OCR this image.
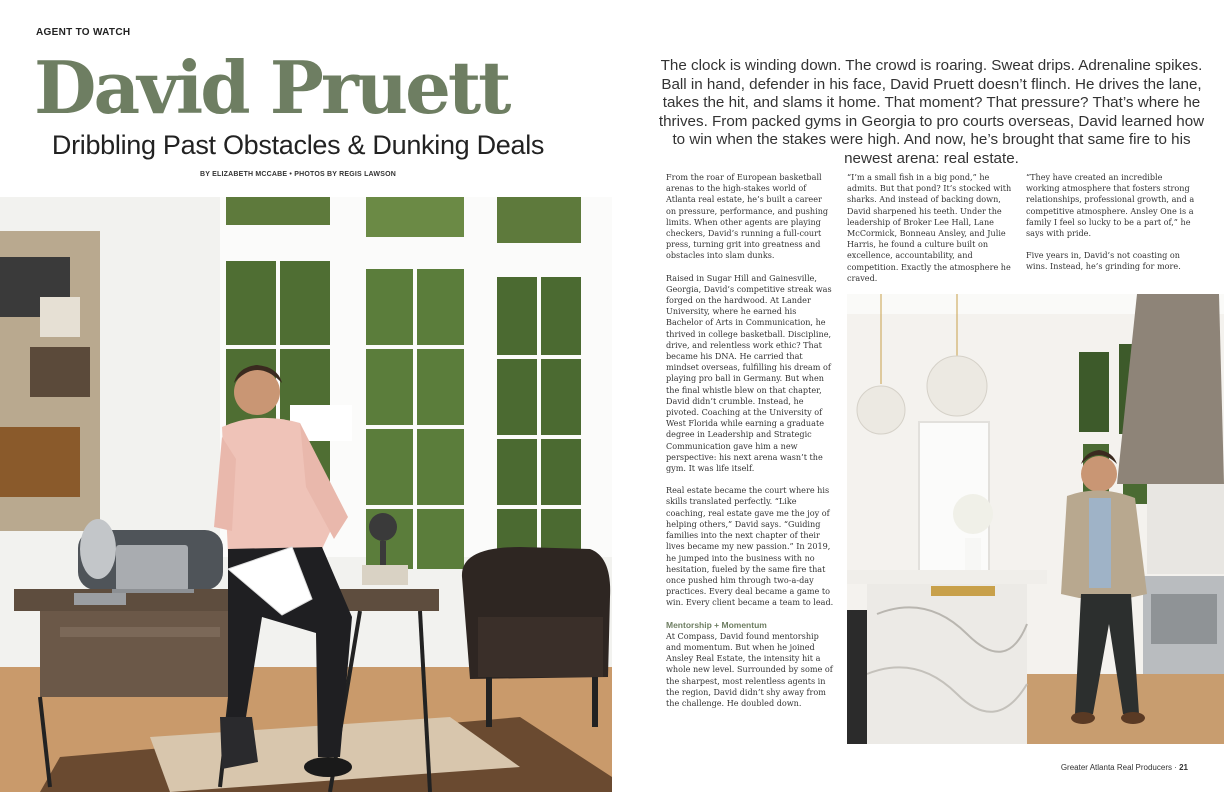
AGENT TO WATCH
David Pruett
Dribbling Past Obstacles & Dunking Deals
BY ELIZABETH MCCABE • PHOTOS BY REGIS LAWSON
The clock is winding down. The crowd is roaring. Sweat drips. Adrenaline spikes. Ball in hand, defender in his face, David Pruett doesn’t flinch. He drives the lane, takes the hit, and slams it home. That moment? That pressure? That’s where he thrives. From packed gyms in Georgia to pro courts overseas, David learned how to win when the stakes were high. And now, he’s brought that same fire to his newest arena: real estate.

From the roar of European basketball arenas to the high-stakes world of Atlanta real estate, he’s built a career on pressure, performance, and pushing limits. When other agents are playing checkers, David’s running a full-court press, turning grit into greatness and obstacles into slam dunks.

Raised in Sugar Hill and Gainesville, Georgia, David’s competitive streak was forged on the hardwood. At Lander University, where he earned his Bachelor of Arts in Communication, he thrived in college basketball. Discipline, drive, and relentless work ethic? That became his DNA. He carried that mindset overseas, fulfilling his dream of playing pro ball in Germany. But when the final whistle blew on that chapter, David didn’t crumble. Instead, he pivoted. Coaching at the University of West Florida while earning a graduate degree in Leadership and Strategic Communication gave him a new perspective: his next arena wasn’t the gym. It was life itself.

Real estate became the court where his skills translated perfectly. “Like coaching, real estate gave me the joy of helping others,” David says. “Guiding families into the next chapter of their lives became my new passion.” In 2019, he jumped into the business with no hesitation, fueled by the same fire that once pushed him through two-a-day practices. Every deal became a game to win. Every client became a team to lead.

Mentorship + Momentum

At Compass, David found mentorship and momentum. But when he joined Ansley Real Estate, the intensity hit a whole new level. Surrounded by some of the sharpest, most relentless agents in the region, David didn’t shy away from the challenge. He doubled down.

“I’m a small fish in a big pond,” he admits. But that pond? It’s stocked with sharks. And instead of backing down, David sharpened his teeth. Under the leadership of Broker Lee Hall, Lane McCormick, Bonneau Ansley, and Julie Harris, he found a culture built on excellence, accountability, and competition. Exactly the atmosphere he craved.

“They have created an incredible working atmosphere that fosters strong relationships, professional growth, and a competitive atmosphere. Ansley One is a family I feel so lucky to be a part of,” he says with pride.

Five years in, David’s not coasting on wins. Instead, he’s grinding for more.

Greater Atlanta Real Producers · 21
